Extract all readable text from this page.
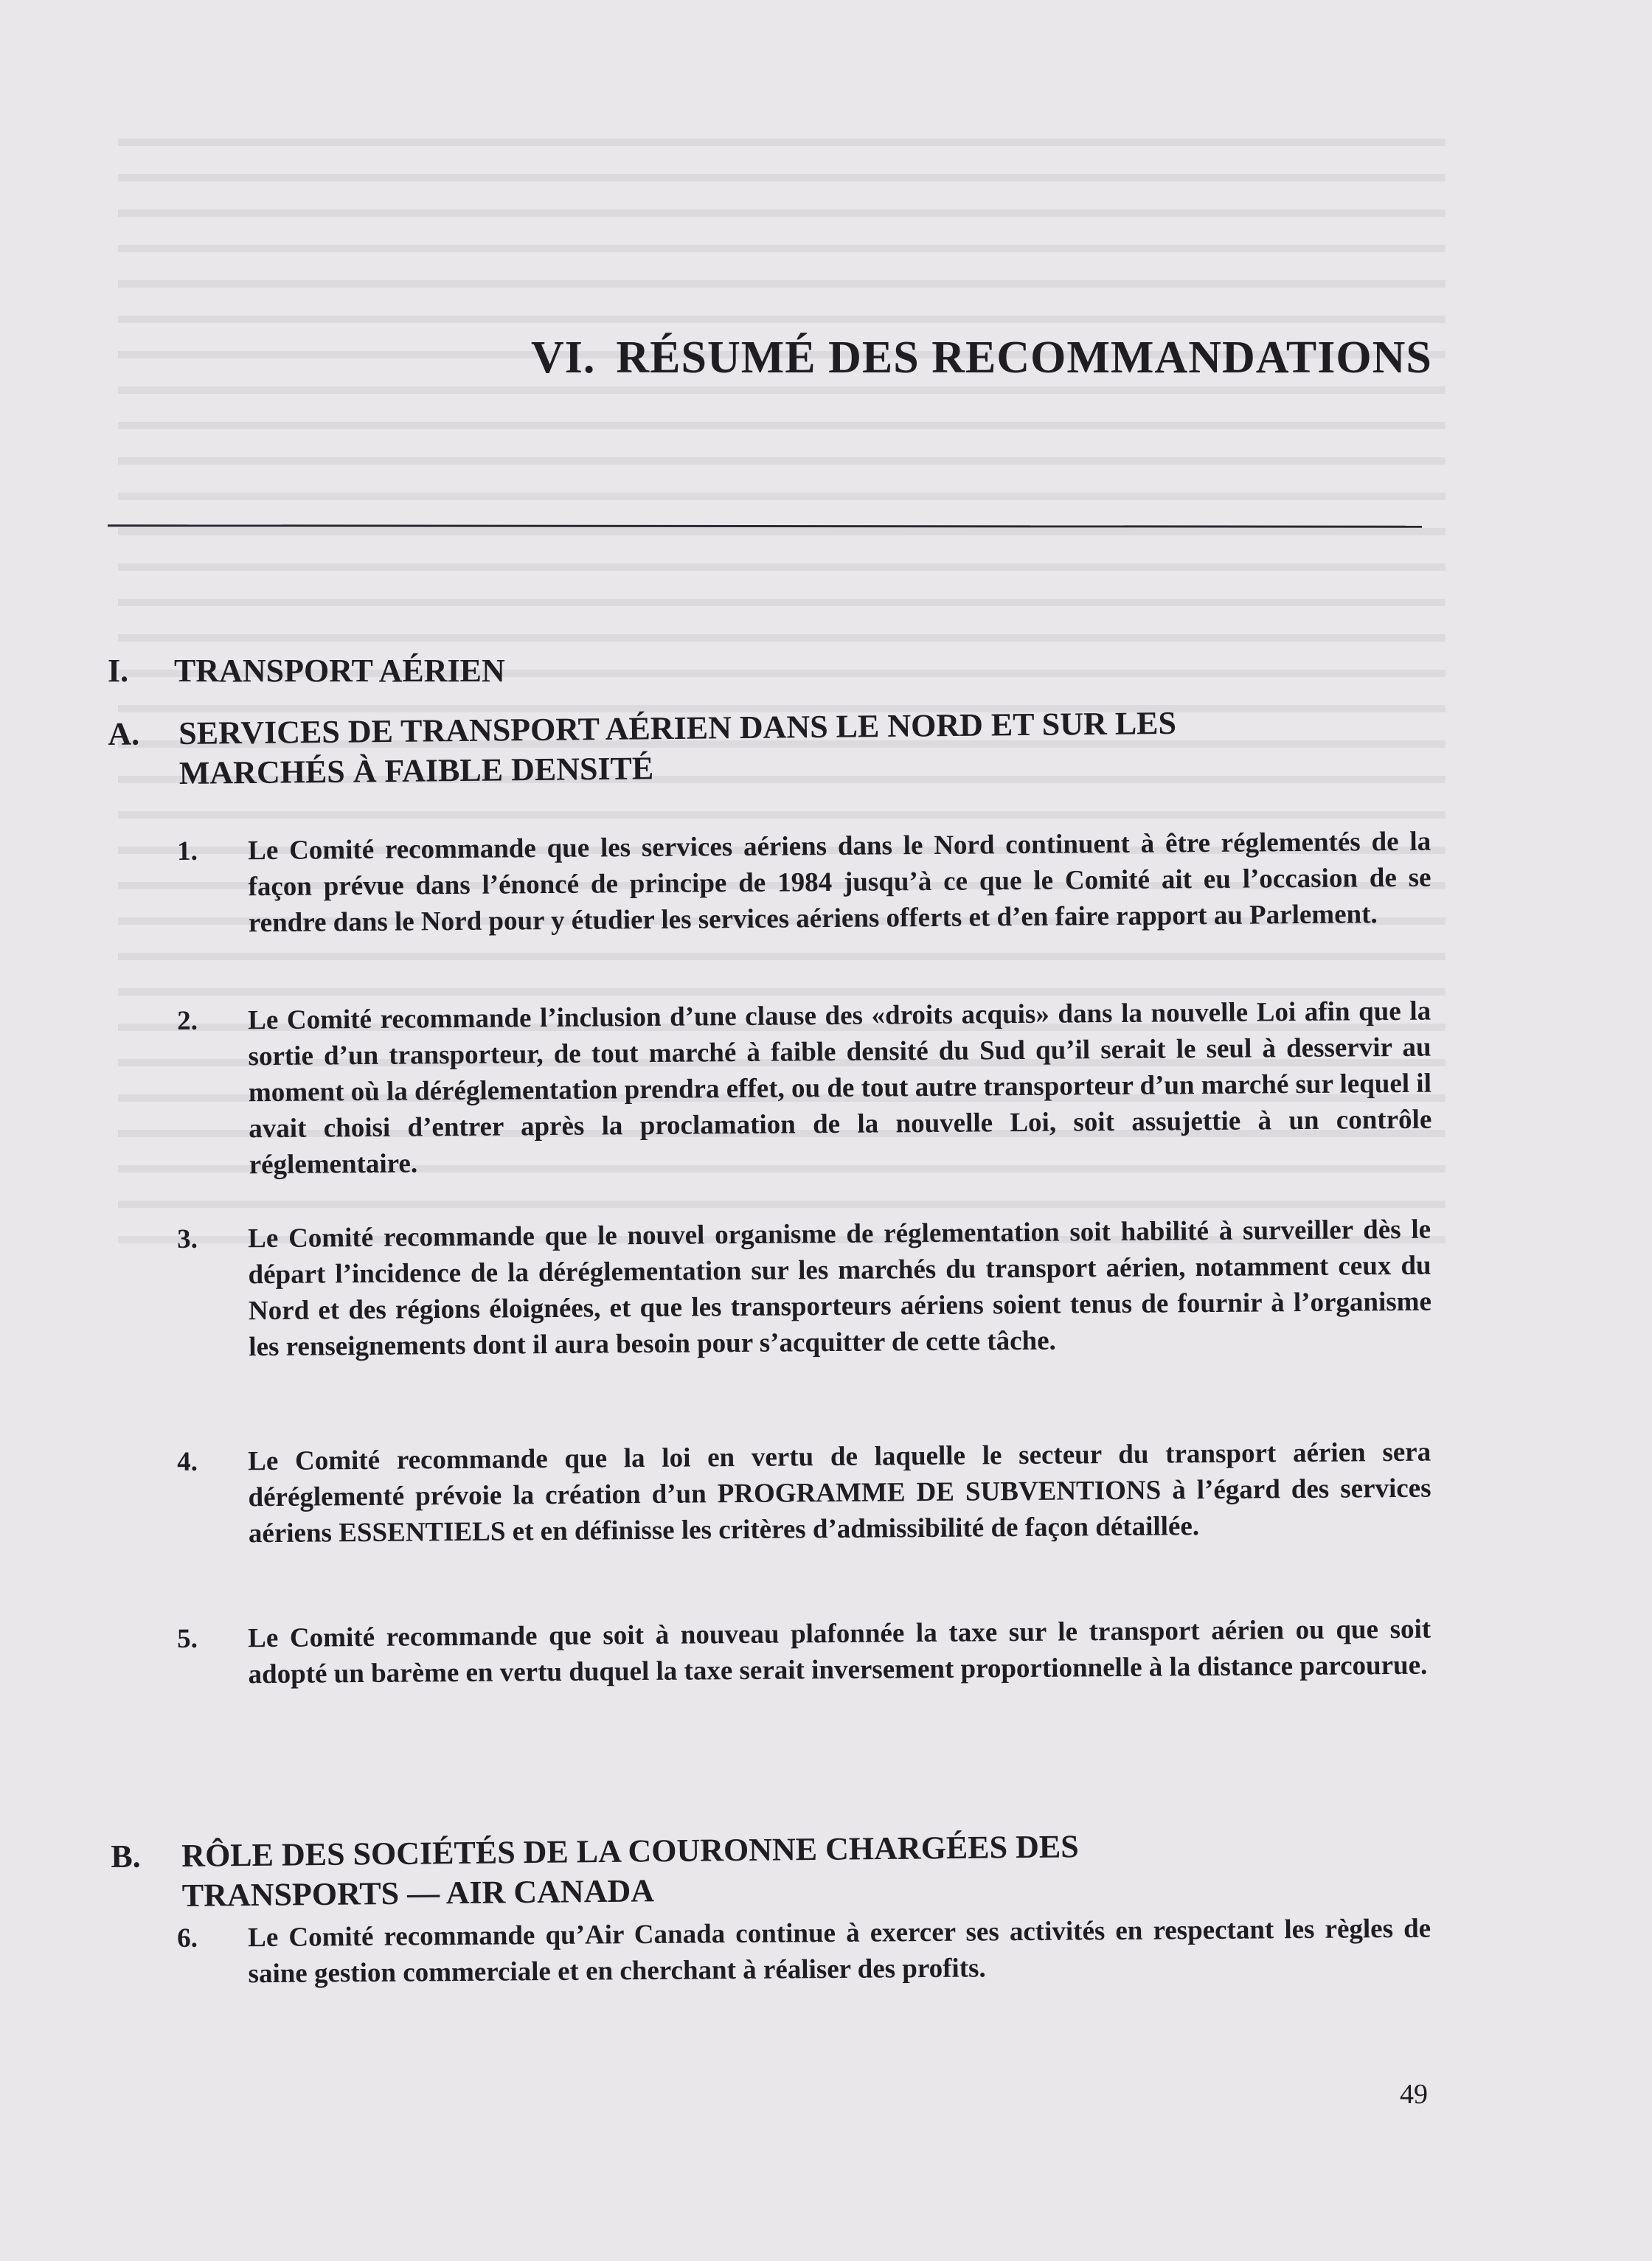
VI. RÉSUMÉ DES RECOMMANDATIONS
I. TRANSPORT AÉRIEN
A. SERVICES DE TRANSPORT AÉRIEN DANS LE NORD ET SUR LES
MARCHÉS À FAIBLE DENSITÉ
1. Le Comité recommande que les services aériens dans le Nord continuent à être réglementés de la façon prévue dans l’énoncé de principe de 1984 jusqu’à ce que le Comité ait eu l’occasion de se rendre dans le Nord pour y étudier les services aériens offerts et d’en faire rapport au Parlement.
2. Le Comité recommande l’inclusion d’une clause des «droits acquis» dans la nouvelle Loi afin que la sortie d’un transporteur, de tout marché à faible densité du Sud qu’il serait le seul à desservir au moment où la déréglementation prendra effet, ou de tout autre transporteur d’un marché sur lequel il avait choisi d’entrer après la proclamation de la nouvelle Loi, soit assujettie à un contrôle réglementaire.
3. Le Comité recommande que le nouvel organisme de réglementation soit habilité à surveiller dès le départ l’incidence de la déréglementation sur les marchés du transport aérien, notamment ceux du Nord et des régions éloignées, et que les transporteurs aériens soient tenus de fournir à l’organisme les renseignements dont il aura besoin pour s’acquitter de cette tâche.
4. Le Comité recommande que la loi en vertu de laquelle le secteur du transport aérien sera déréglementé prévoie la création d’un PROGRAMME DE SUBVENTIONS à l’égard des services aériens ESSENTIELS et en définisse les critères d’admissibilité de façon détaillée.
5. Le Comité recommande que soit à nouveau plafonnée la taxe sur le transport aérien ou que soit adopté un barème en vertu duquel la taxe serait inversement proportionnelle à la distance parcourue.
B. RÔLE DES SOCIÉTÉS DE LA COURONNE CHARGÉES DES
TRANSPORTS — AIR CANADA
6. Le Comité recommande qu’Air Canada continue à exercer ses activités en respectant les règles de saine gestion commerciale et en cherchant à réaliser des profits.
49
